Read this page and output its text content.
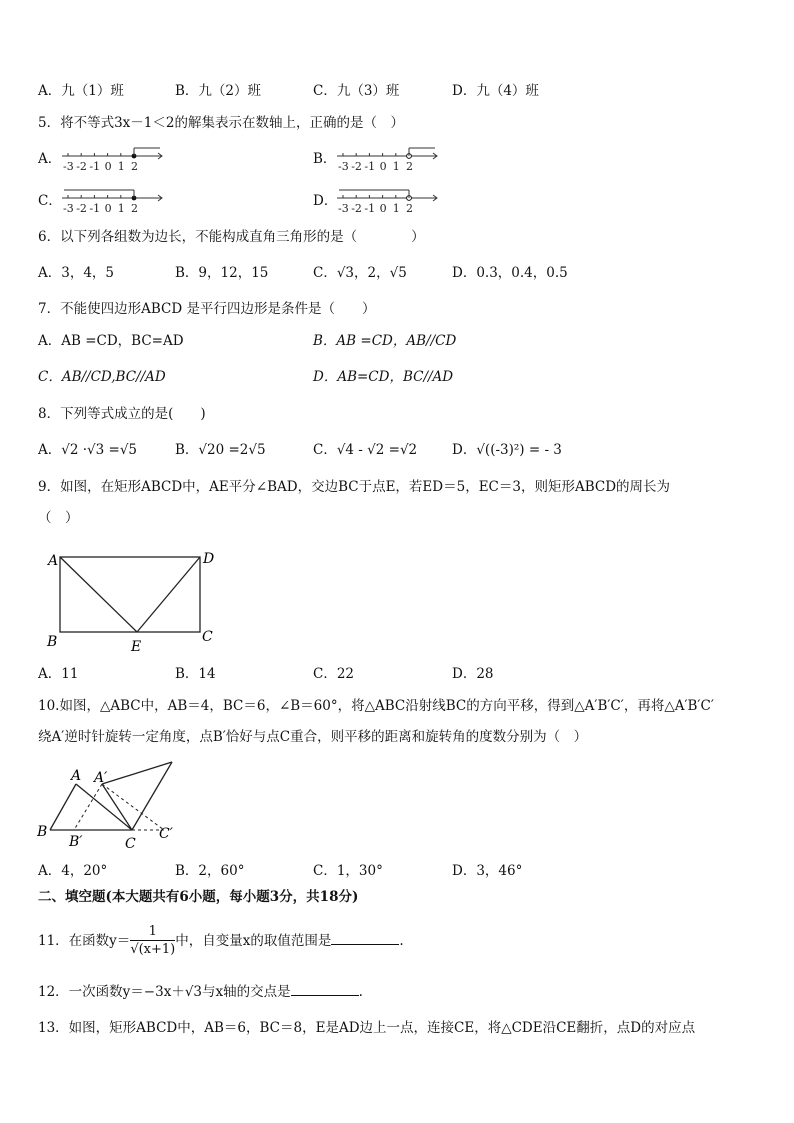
A．九（1）班	B．九（2）班	C．九（3）班	D．九（4）班
5．将不等式3x－1＜2的解集表示在数轴上，正确的是（　）
A． -3 -2 -1 0 1 2	B． -3 -2 -1 0 1 2
C． -3 -2 -1 0 1 2	D． -3 -2 -1 0 1 2
6．以下列各组数为边长，不能构成直角三角形的是（　　　　）
A．3，4，5	B．9，12，15	C．√3，2，√5	D．0.3，0.4，0.5
7．不能使四边形ABCD 是平行四边形是条件是（　　）
A．AB =CD，BC=AD	B．AB =CD，AB//CD
C．AB//CD,BC//AD	D．AB=CD，BC//AD
8．下列等式成立的是(　　)
A．√2 ·√3 =√5	B．√20 =2√5	C．√4 - √2 =√2	D．√((-3)²) = - 3
9．如图，在矩形ABCD中，AE平分∠BAD，交边BC于点E，若ED＝5，EC＝3，则矩形ABCD的周长为
（　）
A	D
B	C
E
A．11	B．14	C．22	D．28
10.如图，△ABC中，AB＝4，BC＝6，∠B＝60°，将△ABC沿射线BC的方向平移，得到△A′B′C′，再将△A′B′C′
绕A′逆时针旋转一定角度，点B′恰好与点C重合，则平移的距离和旋转角的度数分别为（　）
A A′
B
B′	C
C′
A．4，20°	B．2，60°	C．1，30°	D．3，46°
二、填空题(本大题共有6小题，每小题3分，共18分)
11．在函数$y= \frac{1}{√(x+1)}$ 中，自变量x的取值范围是	.
12．一次函数y＝−3x＋√3与x轴的交点是	.
13．如图，矩形ABCD中，AB＝6，BC＝8，E是AD边上一点，连接CE，将△CDE沿CE翻折，点D的对应点
